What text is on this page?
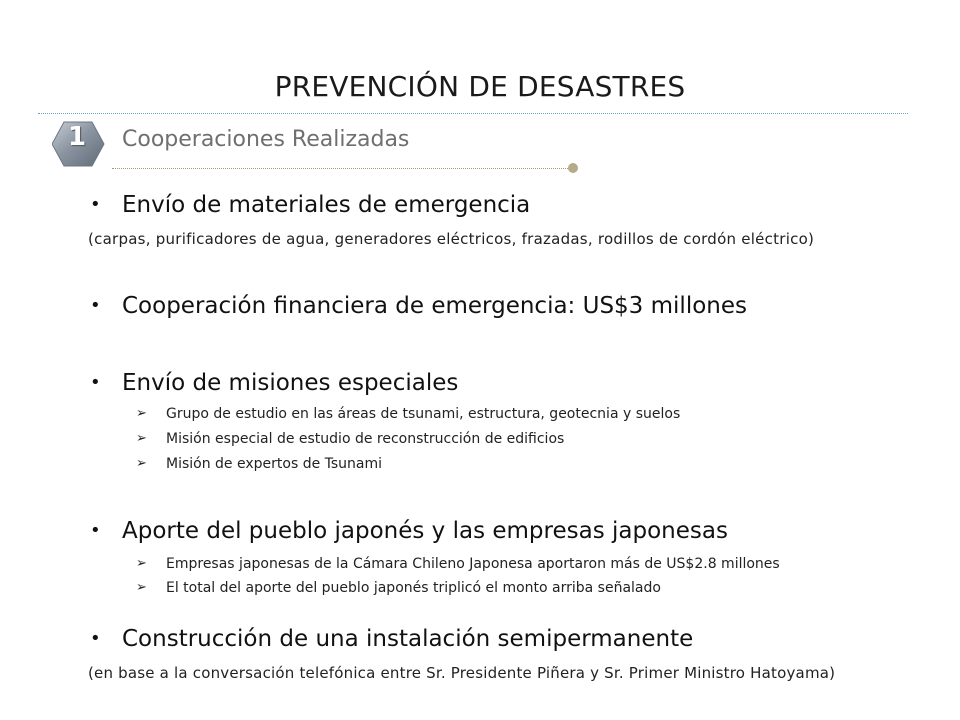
PREVENCIÓN DE DESASTRES
1	Cooperaciones Realizadas
• Envío de materiales de emergencia
(carpas, purificadores de agua, generadores eléctricos, frazadas, rodillos de cordón eléctrico)
• Cooperación financiera de emergencia: US$3 millones
• Envío de misiones especiales
➢ Grupo de estudio en las áreas de tsunami, estructura, geotecnia y suelos
➢ Misión especial de estudio de reconstrucción de edificios
➢ Misión de expertos de Tsunami
• Aporte del pueblo japonés y las empresas japonesas
➢ Empresas japonesas de la Cámara Chileno Japonesa aportaron más de US$2.8 millones
➢ El total del aporte del pueblo japonés triplicó el monto arriba señalado
• Construcción de una instalación semipermanente
(en base a la conversación telefónica entre Sr. Presidente Piñera y Sr. Primer Ministro Hatoyama)
